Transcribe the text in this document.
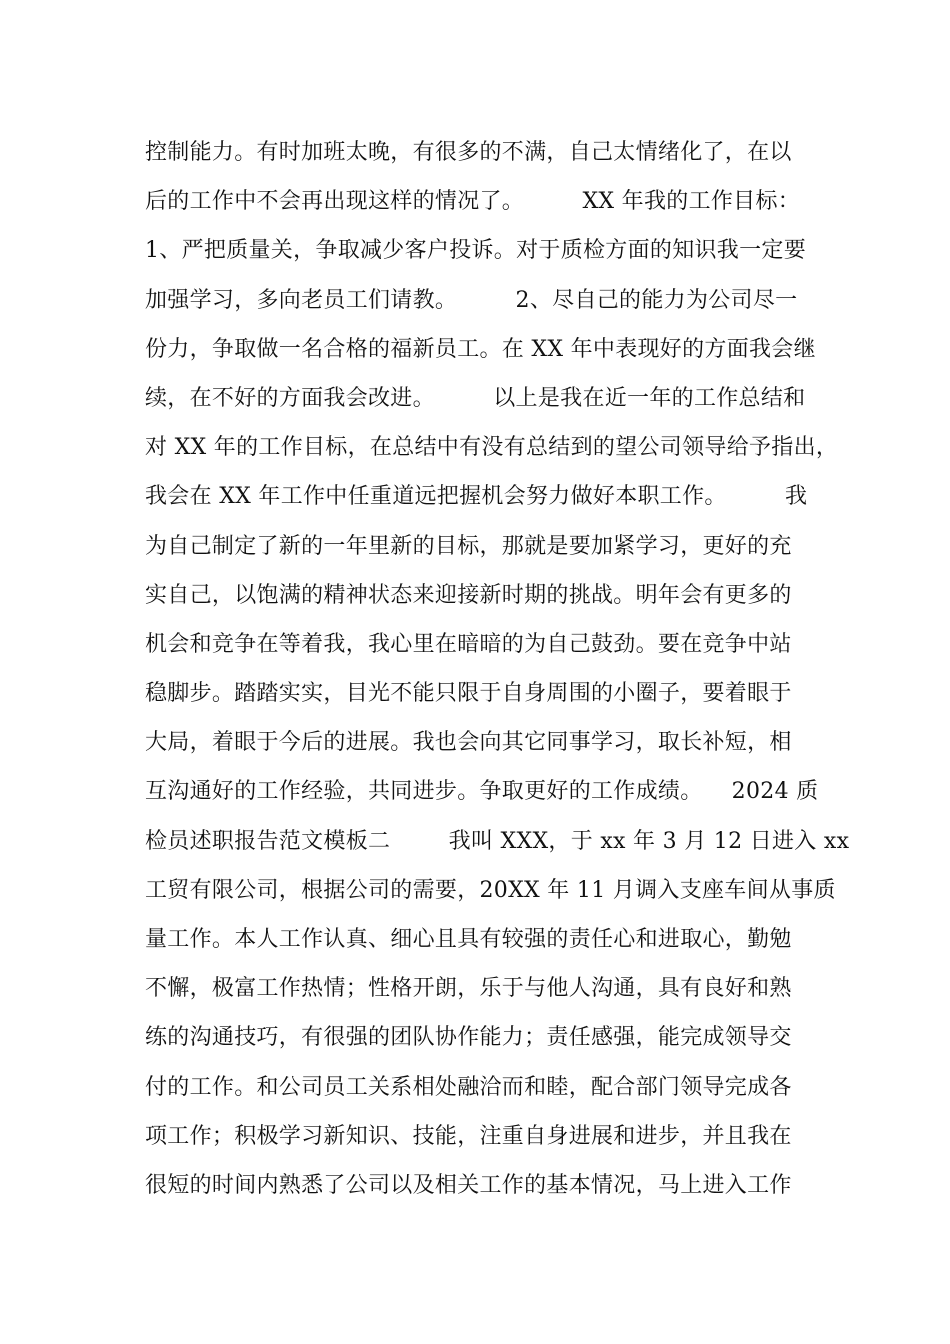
控制能力。有时加班太晚，有很多的不满，自己太情绪化了，在以
后的工作中不会再出现这样的情况了。        XX 年我的工作目标：
1、严把质量关，争取减少客户投诉。对于质检方面的知识我一定要
加强学习，多向老员工们请教。        2、尽自己的能力为公司尽一
份力，争取做一名合格的福新员工。在 XX 年中表现好的方面我会继
续，在不好的方面我会改进。        以上是我在近一年的工作总结和
对 XX 年的工作目标，在总结中有没有总结到的望公司领导给予指出，
我会在 XX 年工作中任重道远把握机会努力做好本职工作。        我
为自己制定了新的一年里新的目标，那就是要加紧学习，更好的充
实自己，以饱满的精神状态来迎接新时期的挑战。明年会有更多的
机会和竞争在等着我，我心里在暗暗的为自己鼓劲。要在竞争中站
稳脚步。踏踏实实，目光不能只限于自身周围的小圈子，要着眼于
大局，着眼于今后的进展。我也会向其它同事学习，取长补短，相
互沟通好的工作经验，共同进步。争取更好的工作成绩。    2024 质
检员述职报告范文模板二        我叫 XXX，于 xx 年 3 月 12 日进入 xx
工贸有限公司，根据公司的需要，20XX 年 11 月调入支座车间从事质
量工作。本人工作认真、细心且具有较强的责任心和进取心，勤勉
不懈，极富工作热情；性格开朗，乐于与他人沟通，具有良好和熟
练的沟通技巧，有很强的团队协作能力；责任感强，能完成领导交
付的工作。和公司员工关系相处融洽而和睦，配合部门领导完成各
项工作；积极学习新知识、技能，注重自身进展和进步，并且我在
很短的时间内熟悉了公司以及相关工作的基本情况，马上进入工作
